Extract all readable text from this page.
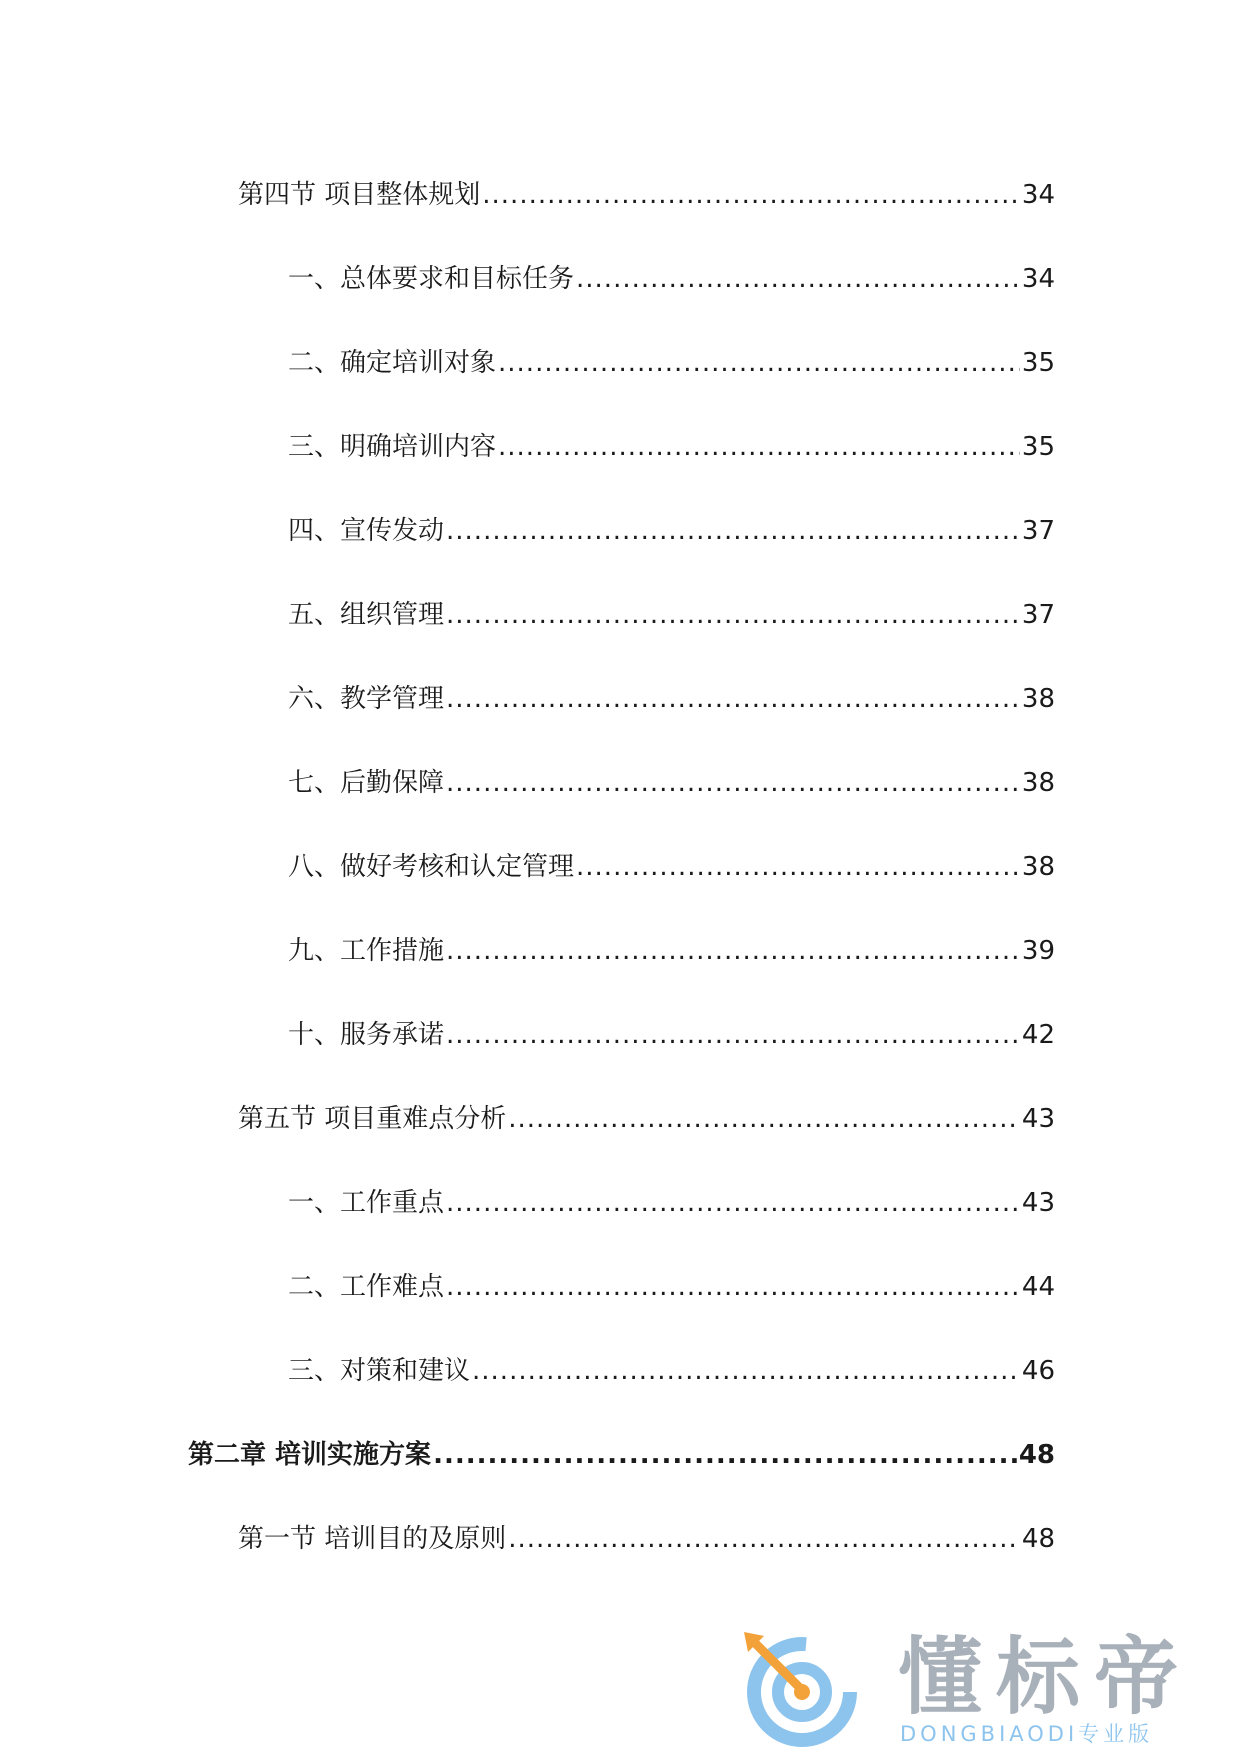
第四节 项目整体规划 .....	34
一、总体要求和目标任务 .....	34
二、确定培训对象 .....	35
三、明确培训内容 .....	35
四、宣传发动 .....	37
五、组织管理 .....	37
六、教学管理 .....	38
七、后勤保障 .....	38
八、做好考核和认定管理 .....	38
九、工作措施 .....	39
十、服务承诺 .....	42
第五节 项目重难点分析 .....	43
一、工作重点 .....	43
二、工作难点 .....	44
三、对策和建议 .....	46
第二章 培训实施方案 .....	48
第一节 培训目的及原则 .....	48
懂标帝
DONGBIAODI专业版
